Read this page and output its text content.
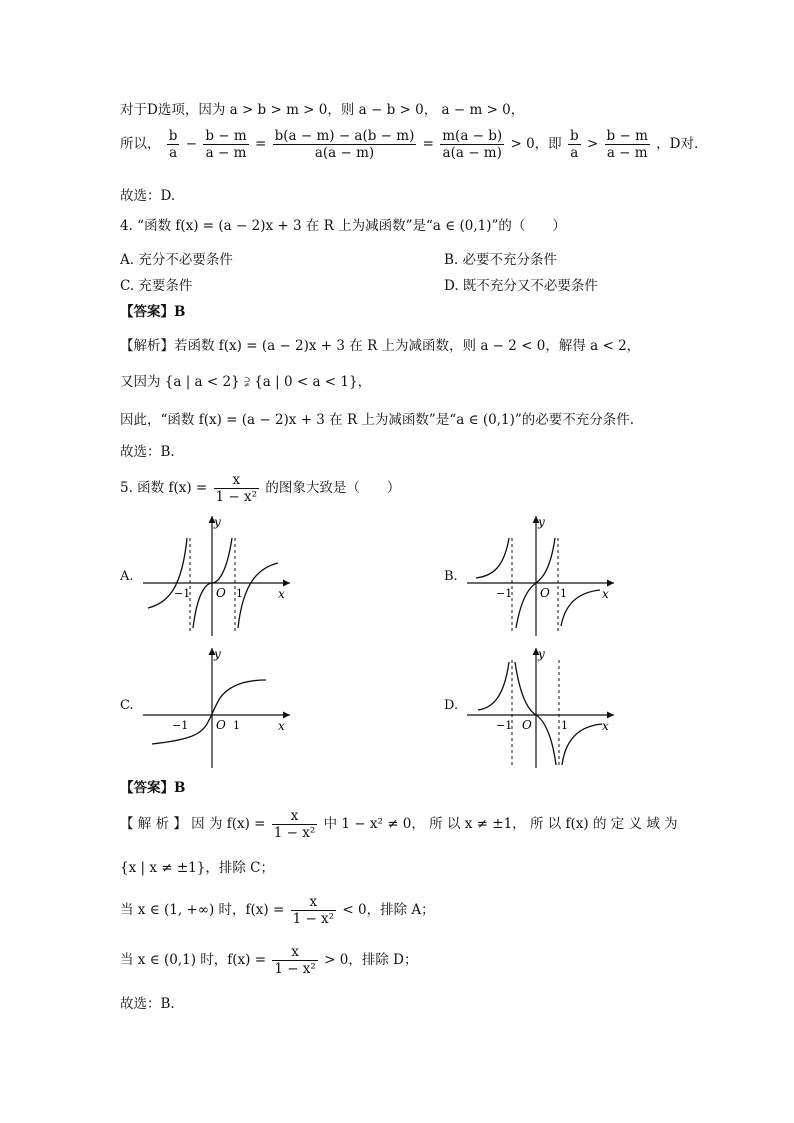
对于D选项，因为 a > b > m > 0，则 a − b > 0， a − m > 0，
所以， $\frac{b}{a} - \frac{b - m}{a - m} = \frac{b(a - m) - a(b - m)}{a(a - m)} = \frac{m(a - b)}{a(a - m)} > 0$，即 $\frac{b}{a} > \frac{b - m}{a - m}$ ，D对.
故选：D.
4. “函数 f(x) = (a − 2)x + 3 在 R 上为减函数”是“a ∈ (0,1)”的（　　）
A. 充分不必要条件	B. 必要不充分条件
C. 充要条件	D. 既不充分又不必要条件
【答案】B
【解析】若函数 f(x) = (a − 2)x + 3 在 R 上为减函数，则 a − 2 < 0，解得 a < 2，
又因为 {a | a < 2} ⫌ {a | 0 < a < 1}，
因此，“函数 f(x) = (a − 2)x + 3 在 R 上为减函数”是“a ∈ (0,1)”的必要不充分条件.
故选：B.
5. 函数 $f(x) = \frac{x}{\text{1 − x²}}$ 的图象大致是（　　）
A.	B.
C.	D.
y
x
O
−1	1
y
x
O
−1	1
y
x
O
−1	1
y
x
O
−1	1
【答案】B
【 解 析 】 因 为 $f(x) = \frac{x}{\text{1 − x²}}$ 中 1 − x² ≠ 0， 所 以 x ≠ ±1， 所 以 f(x) 的 定 义 域 为
{x | x ≠ ±1}，排除 C；
当 x ∈ (1, +∞) 时，$f(x) = \frac{x}{\text{1 − x²}} < 0$，排除 A；
当 x ∈ (0,1) 时，$f(x) = \frac{x}{\text{1 − x²}} > 0$，排除 D；
故选：B.
